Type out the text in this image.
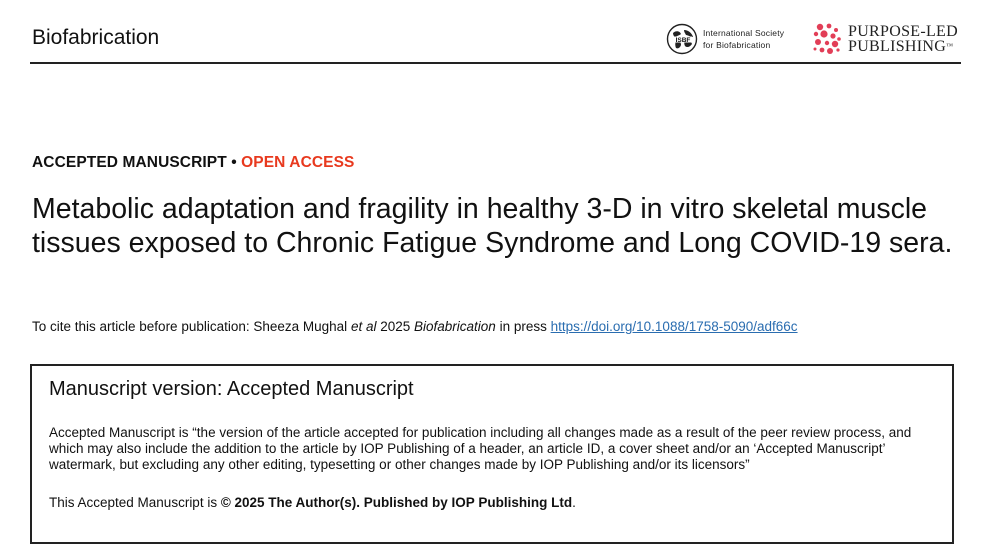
Biofabrication	ISBF
International Society
for Biofabrication
PURPOSE-LED
PUBLISHING™
ACCEPTED MANUSCRIPT • OPEN ACCESS
Metabolic adaptation and fragility in healthy 3-D in vitro skeletal muscle tissues exposed to Chronic Fatigue Syndrome and Long COVID-19 sera.
To cite this article before publication: Sheeza Mughal et al 2025 Biofabrication in press https://doi.org/10.1088/1758-5090/adf66c
Manuscript version: Accepted Manuscript
Accepted Manuscript is “the version of the article accepted for publication including all changes made as a result of the peer review process, and which may also include the addition to the article by IOP Publishing of a header, an article ID, a cover sheet and/or an ‘Accepted Manuscript’ watermark, but excluding any other editing, typesetting or other changes made by IOP Publishing and/or its licensors”
This Accepted Manuscript is © 2025 The Author(s). Published by IOP Publishing Ltd.
